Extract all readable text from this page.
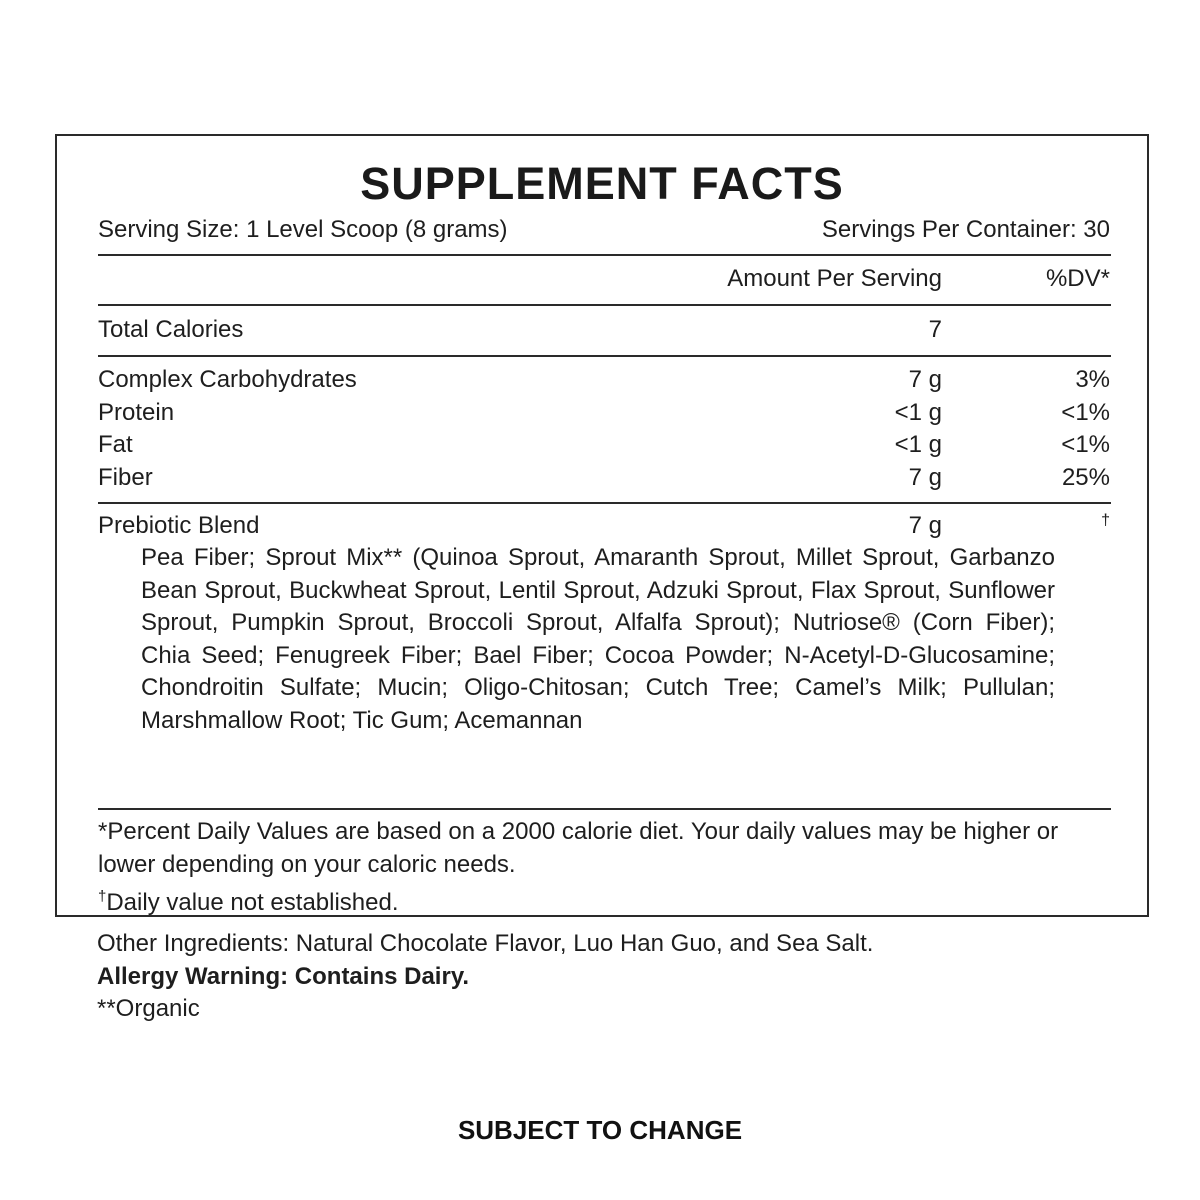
SUPPLEMENT FACTS
Serving Size: 1 Level Scoop (8 grams)	Servings Per Container: 30
Amount Per Serving	%DV*
Total Calories	7
Complex Carbohydrates	7 g	3%
Protein	<1 g	<1%
Fat	<1 g	<1%
Fiber	7 g	25%
Prebiotic Blend	7 g	†
Pea Fiber; Sprout Mix** (Quinoa Sprout, Amaranth Sprout, Millet Sprout, Garbanzo Bean Sprout, Buckwheat Sprout, Lentil Sprout, Adzuki Sprout, Flax Sprout, Sunflower Sprout, Pumpkin Sprout, Broccoli Sprout, Alfalfa Sprout); Nutriose® (Corn Fiber); Chia Seed; Fenugreek Fiber; Bael Fiber; Cocoa Powder; N-Acetyl-D-Glucosamine; Chondroitin Sulfate; Mucin; Oligo-Chitosan; Cutch Tree; Camel’s Milk; Pullulan; Marshmallow Root; Tic Gum; Acemannan
*Percent Daily Values are based on a 2000 calorie diet. Your daily values may be higher or lower depending on your caloric needs.
†Daily value not established.
Other Ingredients: Natural Chocolate Flavor, Luo Han Guo, and Sea Salt.
Allergy Warning: Contains Dairy.
**Organic
SUBJECT TO CHANGE
